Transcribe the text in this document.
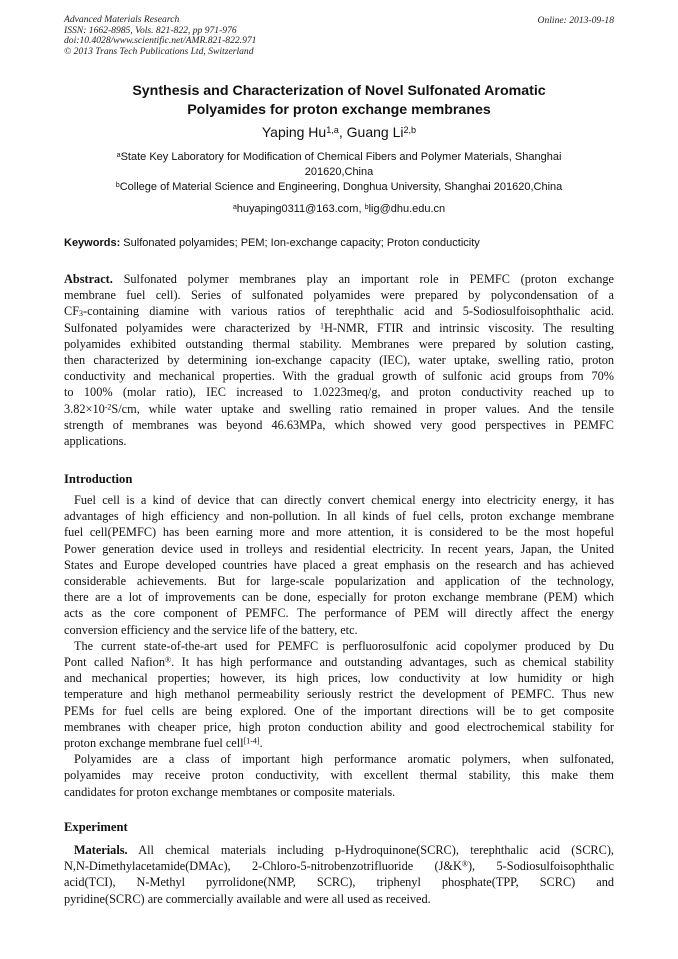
Advanced Materials Research
ISSN: 1662-8985, Vols. 821-822, pp 971-976
doi:10.4028/www.scientific.net/AMR.821-822.971
© 2013 Trans Tech Publications Ltd, Switzerland
Online: 2013-09-18
Synthesis and Characterization of Novel Sulfonated Aromatic
Polyamides for proton exchange membranes
Yaping Hu$^{1,a}$, Guang Li$^{2,b}$
$^a$State Key Laboratory for Modification of Chemical Fibers and Polymer Materials, Shanghai
201620,China
$^b$College of Material Science and Engineering, Donghua University, Shanghai 201620,China
$^a$huyaping0311@163.com, $^b$lig@dhu.edu.cn
Keywords: Sulfonated polyamides; PEM; Ion-exchange capacity; Proton conducticity
Abstract. Sulfonated polymer membranes play an important role in PEMFC (proton exchange
membrane fuel cell). Series of sulfonated polyamides were prepared by polycondensation of a
$CF_3$-containing diamine with various ratios of terephthalic acid and 5-Sodiosulfoisophthalic acid.
Sulfonated polyamides were characterized by $^1$H-NMR, FTIR and intrinsic viscosity. The resulting
polyamides exhibited outstanding thermal stability. Membranes were prepared by solution casting,
then characterized by determining ion-exchange capacity (IEC), water uptake, swelling ratio, proton
conductivity and mechanical properties. With the gradual growth of sulfonic acid groups from 70%
to 100% (molar ratio), IEC increased to 1.0223meq/g, and proton conductivity reached up to
$3.82\times 10^{-2}S/cm$, while water uptake and swelling ratio remained in proper values. And the tensile
strength of membranes was beyond 46.63MPa, which showed very good perspectives in PEMFC
applications.
Introduction
Fuel cell is a kind of device that can directly convert chemical energy into electricity energy, it has
advantages of high efficiency and non-pollution. In all kinds of fuel cells, proton exchange membrane
fuel cell(PEMFC) has been earning more and more attention, it is considered to be the most hopeful
Power generation device used in trolleys and residential electricity. In recent years, Japan, the United
States and Europe developed countries have placed a great emphasis on the research and has achieved
considerable achievements. But for large-scale popularization and application of the technology,
there are a lot of improvements can be done, especially for proton exchange membrane (PEM) which
acts as the core component of PEMFC. The performance of PEM will directly affect the energy
conversion efficiency and the service life of the battery, etc.
The current state-of-the-art used for PEMFC is perfluorosulfonic acid copolymer produced by Du
Pont called Nafion®. It has high performance and outstanding advantages, such as chemical stability
and mechanical properties; however, its high prices, low conductivity at low humidity or high
temperature and high methanol permeability seriously restrict the development of PEMFC. Thus new
PEMs for fuel cells are being explored. One of the important directions will be to get composite
membranes with cheaper price, high proton conduction ability and good electrochemical stability for
proton exchange membrane fuel cell[1-4].
Polyamides are a class of important high performance aromatic polymers, when sulfonated,
polyamides may receive proton conductivity, with excellent thermal stability, this make them
candidates for proton exchange membtanes or composite materials.
Experiment
Materials. All chemical materials including p-Hydroquinone(SCRC), terephthalic acid (SCRC),
N,N-Dimethylacetamide(DMAc), 2-Chloro-5-nitrobenzotrifluoride (J&K®), 5-Sodiosulfoisophthalic
acid(TCI), N-Methyl pyrrolidone(NMP, SCRC), triphenyl phosphate(TPP, SCRC) and
pyridine(SCRC) are commercially available and were all used as received.
